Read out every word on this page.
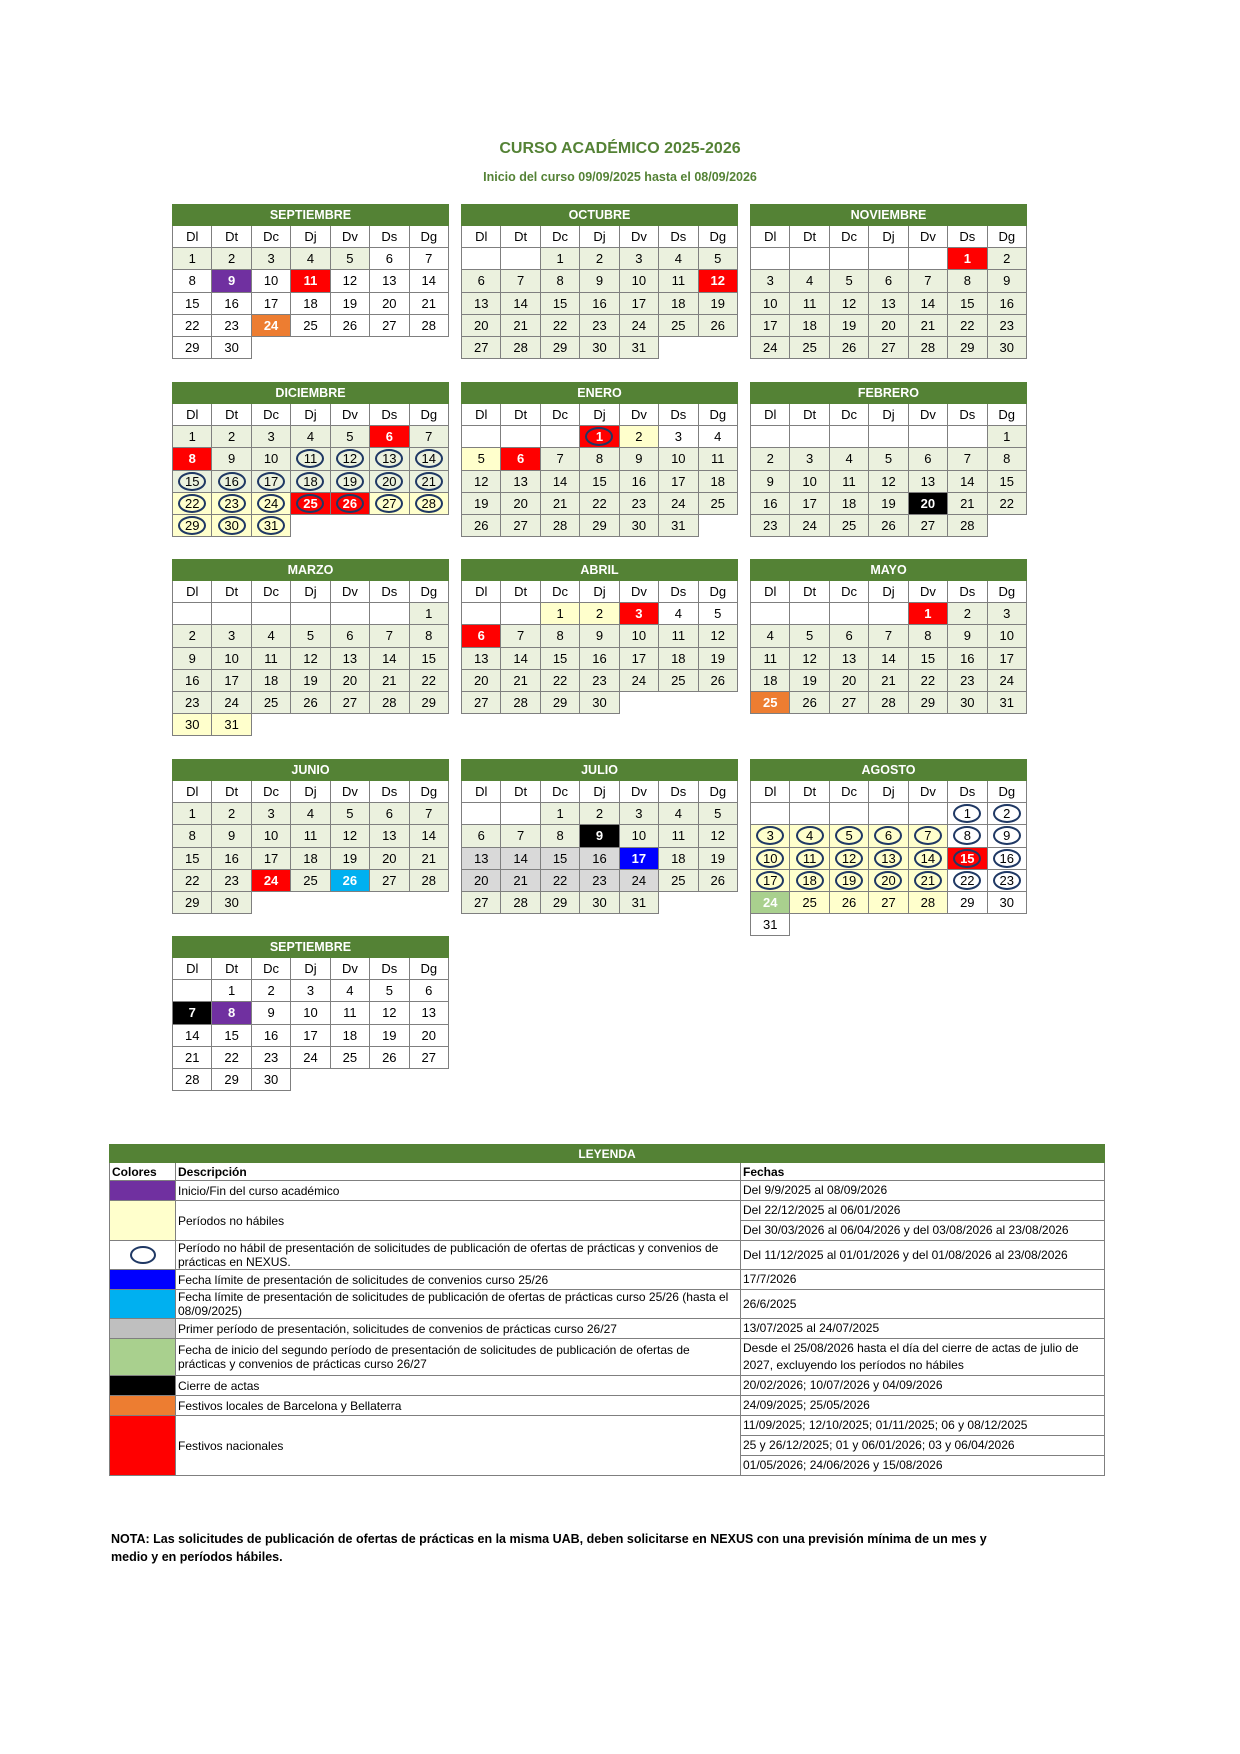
CURSO ACADÉMICO 2025-2026
Inicio del curso 09/09/2025 hasta el 08/09/2026
SEPTIEMBRE						
Dl	Dt	Dc	Dj	Dv	Ds	Dg
1	2	3	4	5	6	7
8	9	10	11	12	13	14
15	16	17	18	19	20	21
22	23	24	25	26	27	28
29	30					
OCTUBRE						
Dl	Dt	Dc	Dj	Dv	Ds	Dg
		1	2	3	4	5
6	7	8	9	10	11	12
13	14	15	16	17	18	19
20	21	22	23	24	25	26
27	28	29	30	31		
NOVIEMBRE						
Dl	Dt	Dc	Dj	Dv	Ds	Dg
					1	2
3	4	5	6	7	8	9
10	11	12	13	14	15	16
17	18	19	20	21	22	23
24	25	26	27	28	29	30
DICIEMBRE						
Dl	Dt	Dc	Dj	Dv	Ds	Dg
1	2	3	4	5	6	7
8	9	10	11	12	13	14

15	16	17	18	19	20	21

22	23	24	25	26	27	28

29	30	31

ENERO						
Dl	Dt	Dc	Dj	Dv	Ds	Dg
			1	2	3	4
5	6	7	8	9	10	11
12	13	14	15	16	17	18
19	20	21	22	23	24	25
26	27	28	29	30	31	
FEBRERO						
Dl	Dt	Dc	Dj	Dv	Ds	Dg
						1
2	3	4	5	6	7	8
9	10	11	12	13	14	15
16	17	18	19	20	21	22
23	24	25	26	27	28	
MARZO						
Dl	Dt	Dc	Dj	Dv	Ds	Dg
						1
2	3	4	5	6	7	8
9	10	11	12	13	14	15
16	17	18	19	20	21	22
23	24	25	26	27	28	29
30	31					
ABRIL						
Dl	Dt	Dc	Dj	Dv	Ds	Dg
		1	2	3	4	5
6	7	8	9	10	11	12
13	14	15	16	17	18	19
20	21	22	23	24	25	26
27	28	29	30			
MAYO						
Dl	Dt	Dc	Dj	Dv	Ds	Dg
				1	2	3
4	5	6	7	8	9	10
11	12	13	14	15	16	17
18	19	20	21	22	23	24
25	26	27	28	29	30	31
JUNIO						
Dl	Dt	Dc	Dj	Dv	Ds	Dg
1	2	3	4	5	6	7
8	9	10	11	12	13	14
15	16	17	18	19	20	21
22	23	24	25	26	27	28
29	30					
JULIO						
Dl	Dt	Dc	Dj	Dv	Ds	Dg
		1	2	3	4	5
6	7	8	9	10	11	12
13	14	15	16	17	18	19
20	21	22	23	24	25	26
27	28	29	30	31		
AGOSTO						
Dl	Dt	Dc	Dj	Dv	Ds	Dg
					1	2

3	4	5	6	7	8	9

10	11	12	13	14	15	16

17	18	19	20	21	22	23

24	25	26	27	28	29	30
31						
SEPTIEMBRE						
Dl	Dt	Dc	Dj	Dv	Ds	Dg
	1	2	3	4	5	6
7	8	9	10	11	12	13
14	15	16	17	18	19	20
21	22	23	24	25	26	27
28	29	30				
LEYENDA		
Colores	Descripción	Fechas
	Inicio/Fin del curso académico	Del 9/9/2025 al 08/09/2026

	Períodos no hábiles	Del 22/12/2025 al 06/01/2026
Del 30/03/2026 al 06/04/2026 y del 03/08/2026 al 23/08/2026

	Período no hábil de presentación de solicitudes de publicación de ofertas de prácticas y convenios de prácticas en NEXUS.	Del 11/12/2025 al 01/01/2026 y del 01/08/2026 al 23/08/2026

	Fecha límite de presentación de solicitudes de convenios curso 25/26	17/7/2026

	Fecha límite de presentación de solicitudes de publicación de ofertas de prácticas curso 25/26 (hasta el 08/09/2025)	26/6/2025

	Primer período de presentación, solicitudes de convenios de prácticas curso 26/27	13/07/2025 al 24/07/2025

	Fecha de inicio del segundo período de presentación de solicitudes de publicación de ofertas de prácticas y convenios de prácticas curso 26/27	Desde el 25/08/2026 hasta el día del cierre de actas de julio de 2027, excluyendo los períodos no hábiles

	Cierre de actas	20/02/2026; 10/07/2026 y 04/09/2026

	Festivos locales de Barcelona y Bellaterra	24/09/2025; 25/05/2026

	Festivos nacionales	11/09/2025; 12/10/2025; 01/11/2025; 06 y 08/12/2025
25 y 26/12/2025; 01 y 06/01/2026; 03 y 06/04/2026
01/05/2026; 24/06/2026 y 15/08/2026
NOTA: Las solicitudes de publicación de ofertas de prácticas en la misma UAB, deben solicitarse en NEXUS con una previsión mínima de un mes y medio y en períodos hábiles.
